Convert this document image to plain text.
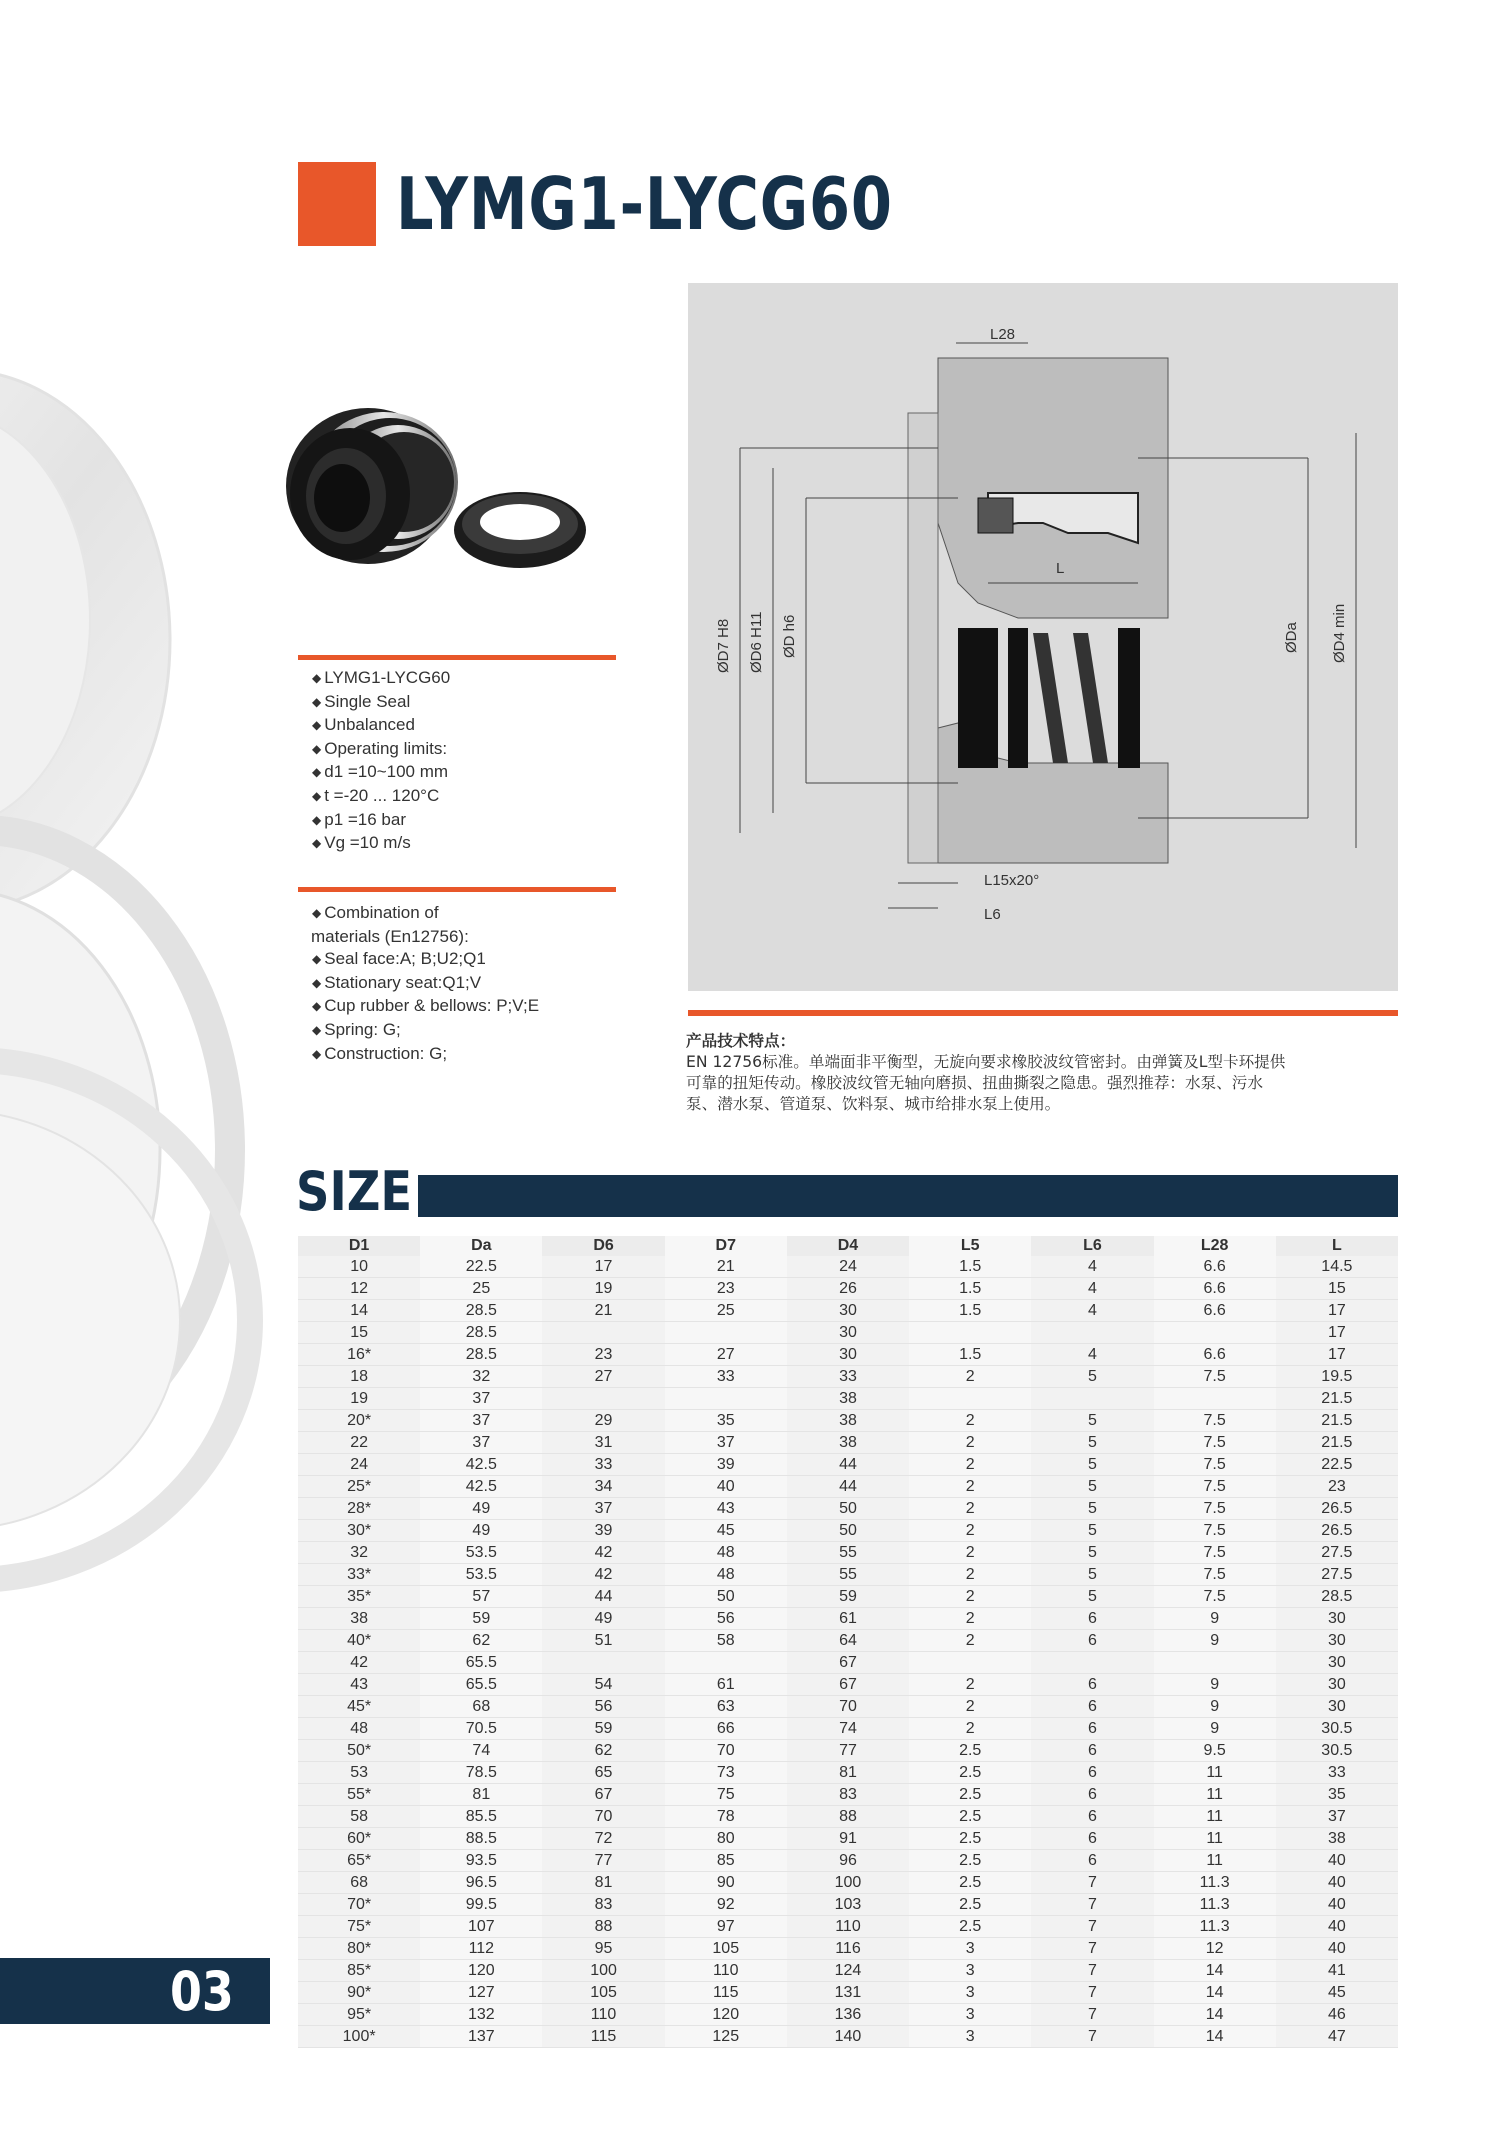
LYMG1-LYCG60
◆ LYMG1-LYCG60
◆ Single Seal
◆ Unbalanced
◆ Operating limits:
◆ d1 =10~100 mm
◆ t =-20 ... 120°C
◆ p1 =16 bar
◆ Vg =10 m/s
◆ Combination of
materials (En12756):
◆ Seal face:A; B;U2;Q1
◆ Stationary seat:Q1;V
◆ Cup rubber & bellows: P;V;E
◆ Spring: G;
◆ Construction: G;
L28
L
ØD7 H8 ØD6 H11 ØD h6	ØDa ØD4 min
L15x20°
L6
产品技术特点：
EN 12756标准。单端面非平衡型，无旋向要求橡胶波纹管密封。由弹簧及L型卡环提供
可靠的扭矩传动。橡胶波纹管无轴向磨损、扭曲撕裂之隐患。强烈推荐：水泵、污水
泵、潜水泵、管道泵、饮料泵、城市给排水泵上使用。
SIZE
D1	Da	D6	D7	D4	L5	L6	L28	L
10	22.5	17	21	24	1.5	4	6.6	14.5
12	25	19	23	26	1.5	4	6.6	15
14	28.5	21	25	30	1.5	4	6.6	17
15	28.5			30				17
16*	28.5	23	27	30	1.5	4	6.6	17
18	32	27	33	33	2	5	7.5	19.5
19	37			38				21.5
20*	37	29	35	38	2	5	7.5	21.5
22	37	31	37	38	2	5	7.5	21.5
24	42.5	33	39	44	2	5	7.5	22.5
25*	42.5	34	40	44	2	5	7.5	23
28*	49	37	43	50	2	5	7.5	26.5
30*	49	39	45	50	2	5	7.5	26.5
32	53.5	42	48	55	2	5	7.5	27.5
33*	53.5	42	48	55	2	5	7.5	27.5
35*	57	44	50	59	2	5	7.5	28.5
38	59	49	56	61	2	6	9	30
40*	62	51	58	64	2	6	9	30
42	65.5			67				30
43	65.5	54	61	67	2	6	9	30
45*	68	56	63	70	2	6	9	30
48	70.5	59	66	74	2	6	9	30.5
50*	74	62	70	77	2.5	6	9.5	30.5
53	78.5	65	73	81	2.5	6	11	33
55*	81	67	75	83	2.5	6	11	35
58	85.5	70	78	88	2.5	6	11	37
60*	88.5	72	80	91	2.5	6	11	38
65*	93.5	77	85	96	2.5	6	11	40
68	96.5	81	90	100	2.5	7	11.3	40
70*	99.5	83	92	103	2.5	7	11.3	40
75*	107	88	97	110	2.5	7	11.3	40
80*	112	95	105	116	3	7	12	40
85*	120	100	110	124	3	7	14	41
90*	127	105	115	131	3	7	14	45
95*	132	110	120	136	3	7	14	46
100*	137	115	125	140	3	7	14	47
03
